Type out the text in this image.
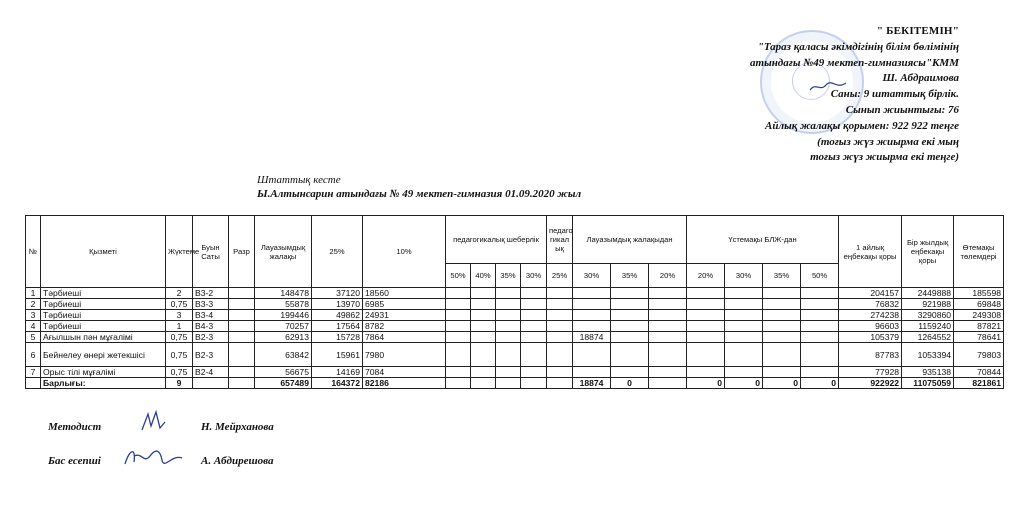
" БЕКІТЕМІН"
"Тараз қаласы әкімдігінің білім бөлімінің
атындағы №49 мектеп-гимназиясы"КММ
Ш. Абдраимова
Саны: 9 штаттық бірлік.
Сынып жиынтығы: 76
Айлық жалақы қорымен: 922 922 теңге
(тоғыз жүз жиырма екі мың
тоғыз жүз жиырма екі теңге)
Штаттық кесте
Ы.Алтынсарин атындағы № 49 мектеп-гимназия 01.09.2020 жыл
№	Қызметі	Жүктеме	Буын Саты	Разр	Лауазымдық жалақы	25%	10%	педагогикалық шеберлік				педаго гикал ық	Лауазымдық жалақыдан			Үстемақы БЛЖ-дан				1 айлық еңбекақы қоры	Бір жылдық еңбекақы қоры	Өтемақы төлемдері
								50%	40%	35%	30%	25%	30%	35%	20%	20%	30%	35%	50%			
1	Тәрбиеші	2	В3-2		148478	37120	18560													204157	2449888	185598
2	Тәрбиеші	0,75	В3-3		55878	13970	6985													76832	921988	69848
3	Тәрбиеші	3	В3-4		199446	49862	24931													274238	3290860	249308
4	Тәрбиеші	1	В4-3		70257	17564	8782													96603	1159240	87821
5	Ағылшын пән мұғалімі	0,75	В2-3		62913	15728	7864						18874							105379	1264552	78641
6	Бейнелеу өнері жетекшісі	0,75	В2-3		63842	15961	7980													87783	1053394	79803
7	Орыс тілі мұғалімі	0,75	В2-4		56675	14169	7084													77928	935138	70844
	Барлығы:	9			657489	164372	82186						18874	0		0	0	0	0	922922	11075059	821861
Методист	Н. Мейрханова
Бас есепші	А. Абдирешова
